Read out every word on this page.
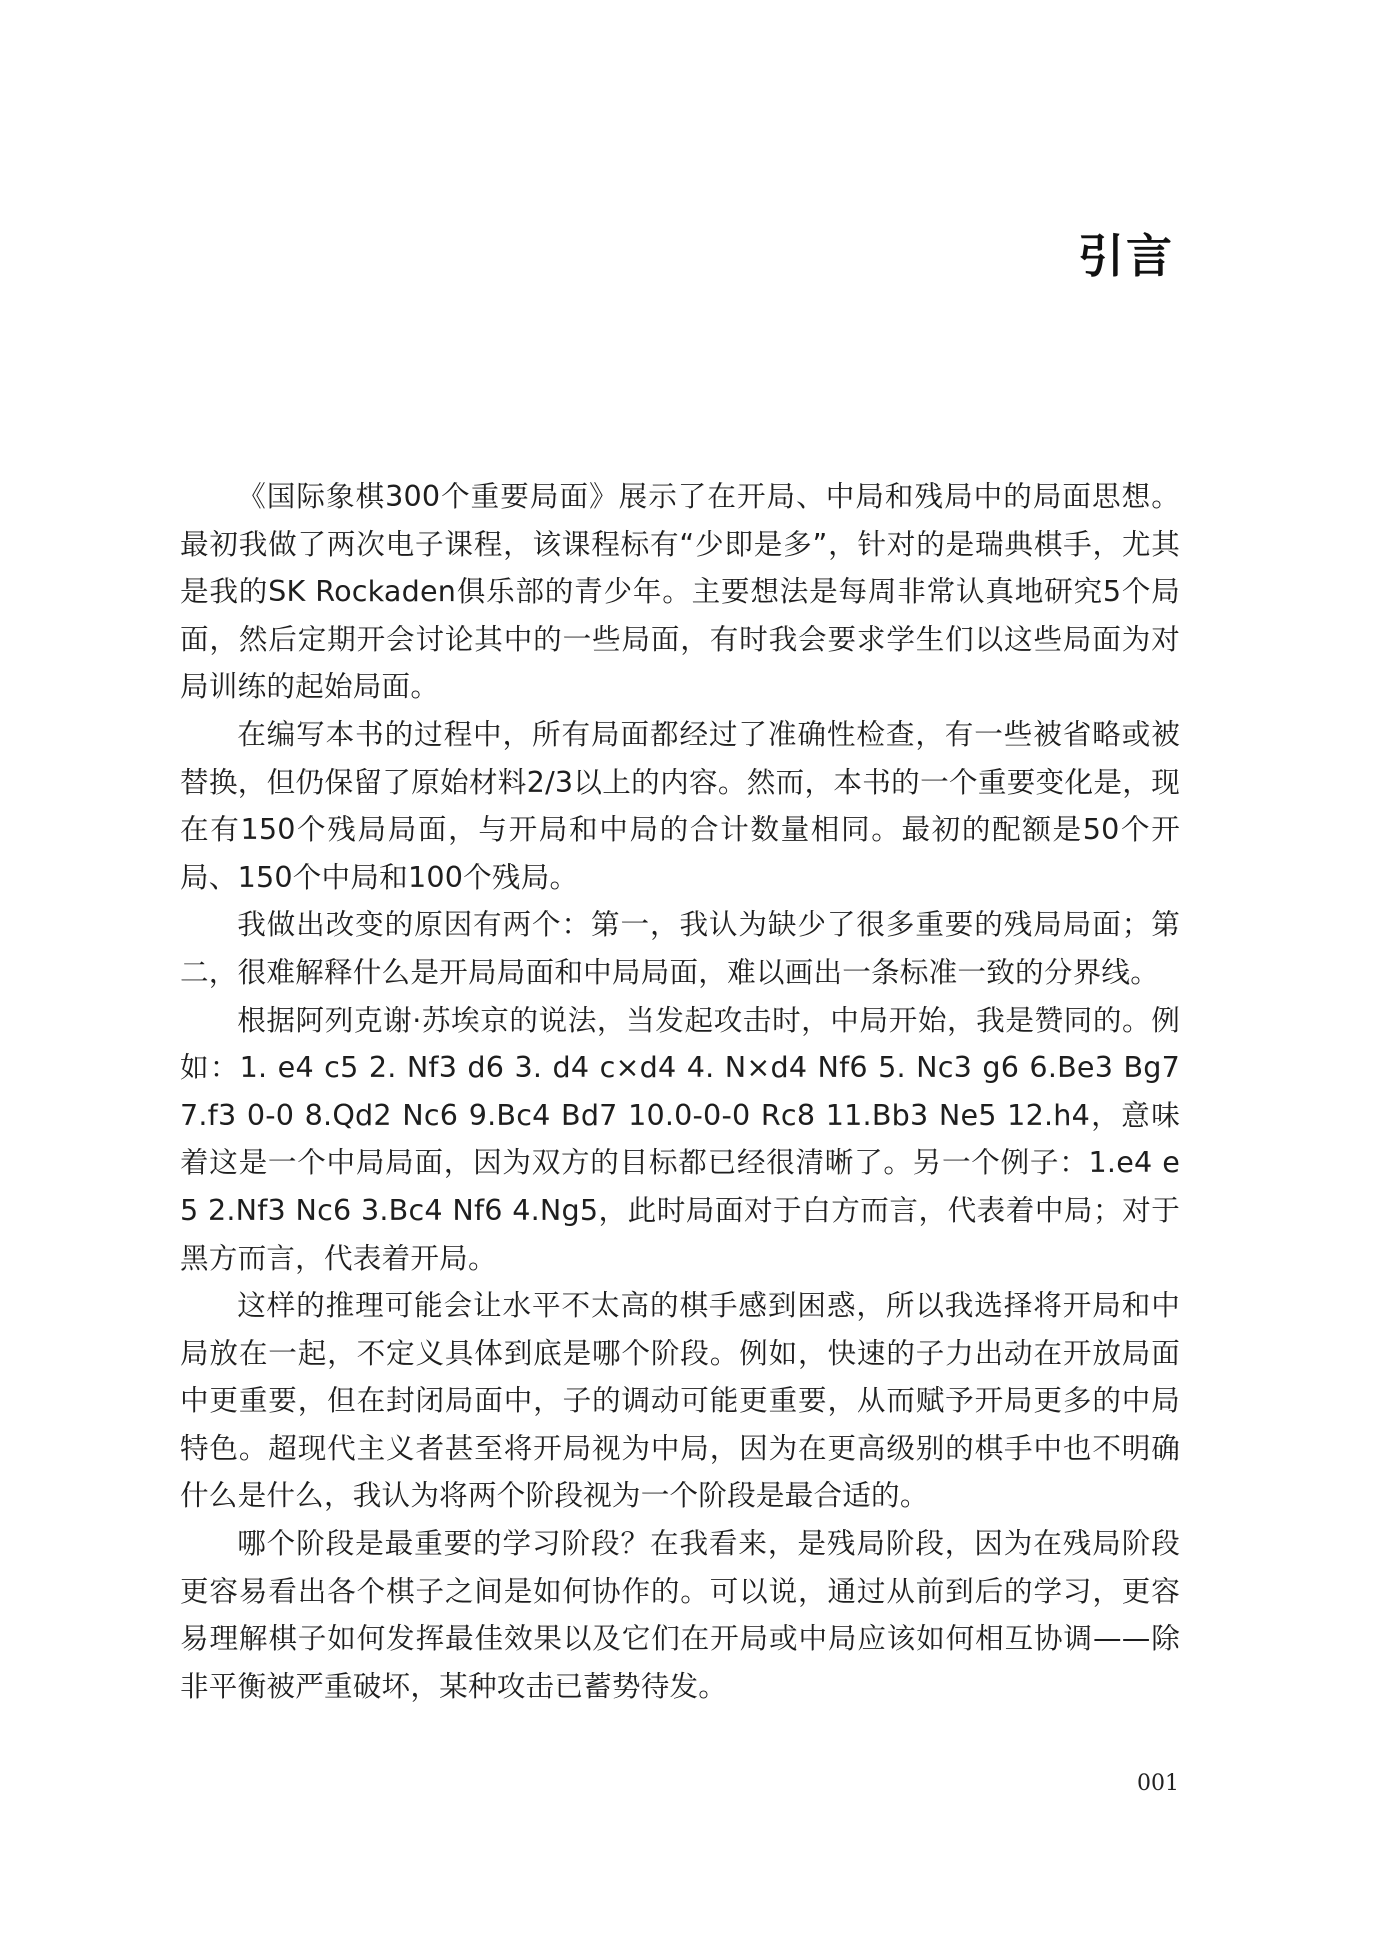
引言

《国际象棋300个重要局面》展示了在开局、中局和残局中的局面思想。最初我做了两次电子课程，该课程标有“少即是多”，针对的是瑞典棋手，尤其是我的SK Rockaden俱乐部的青少年。主要想法是每周非常认真地研究5个局面，然后定期开会讨论其中的一些局面，有时我会要求学生们以这些局面为对局训练的起始局面。

在编写本书的过程中，所有局面都经过了准确性检查，有一些被省略或被替换，但仍保留了原始材料2/3以上的内容。然而，本书的一个重要变化是，现在有150个残局局面，与开局和中局的合计数量相同。最初的配额是50个开局、150个中局和100个残局。

我做出改变的原因有两个：第一，我认为缺少了很多重要的残局局面；第二，很难解释什么是开局局面和中局局面，难以画出一条标准一致的分界线。

根据阿列克谢·苏埃京的说法，当发起攻击时，中局开始，我是赞同的。例如：1. e4 c5 2. Nf3 d6 3. d4 c×d4 4. N×d4 Nf6 5. Nc3 g6 6.Be3 Bg7 7.f3 0-0 8.Qd2 Nc6 9.Bc4 Bd7 10.0-0-0 Rc8 11.Bb3 Ne5 12.h4，意味着这是一个中局局面，因为双方的目标都已经很清晰了。另一个例子：1.e4 e5 2.Nf3 Nc6 3.Bc4 Nf6 4.Ng5，此时局面对于白方而言，代表着中局；对于黑方而言，代表着开局。

这样的推理可能会让水平不太高的棋手感到困惑，所以我选择将开局和中局放在一起，不定义具体到底是哪个阶段。例如，快速的子力出动在开放局面中更重要，但在封闭局面中，子的调动可能更重要，从而赋予开局更多的中局特色。超现代主义者甚至将开局视为中局，因为在更高级别的棋手中也不明确什么是什么，我认为将两个阶段视为一个阶段是最合适的。

哪个阶段是最重要的学习阶段？在我看来，是残局阶段，因为在残局阶段更容易看出各个棋子之间是如何协作的。可以说，通过从前到后的学习，更容易理解棋子如何发挥最佳效果以及它们在开局或中局应该如何相互协调——除非平衡被严重破坏，某种攻击已蓄势待发。

001
